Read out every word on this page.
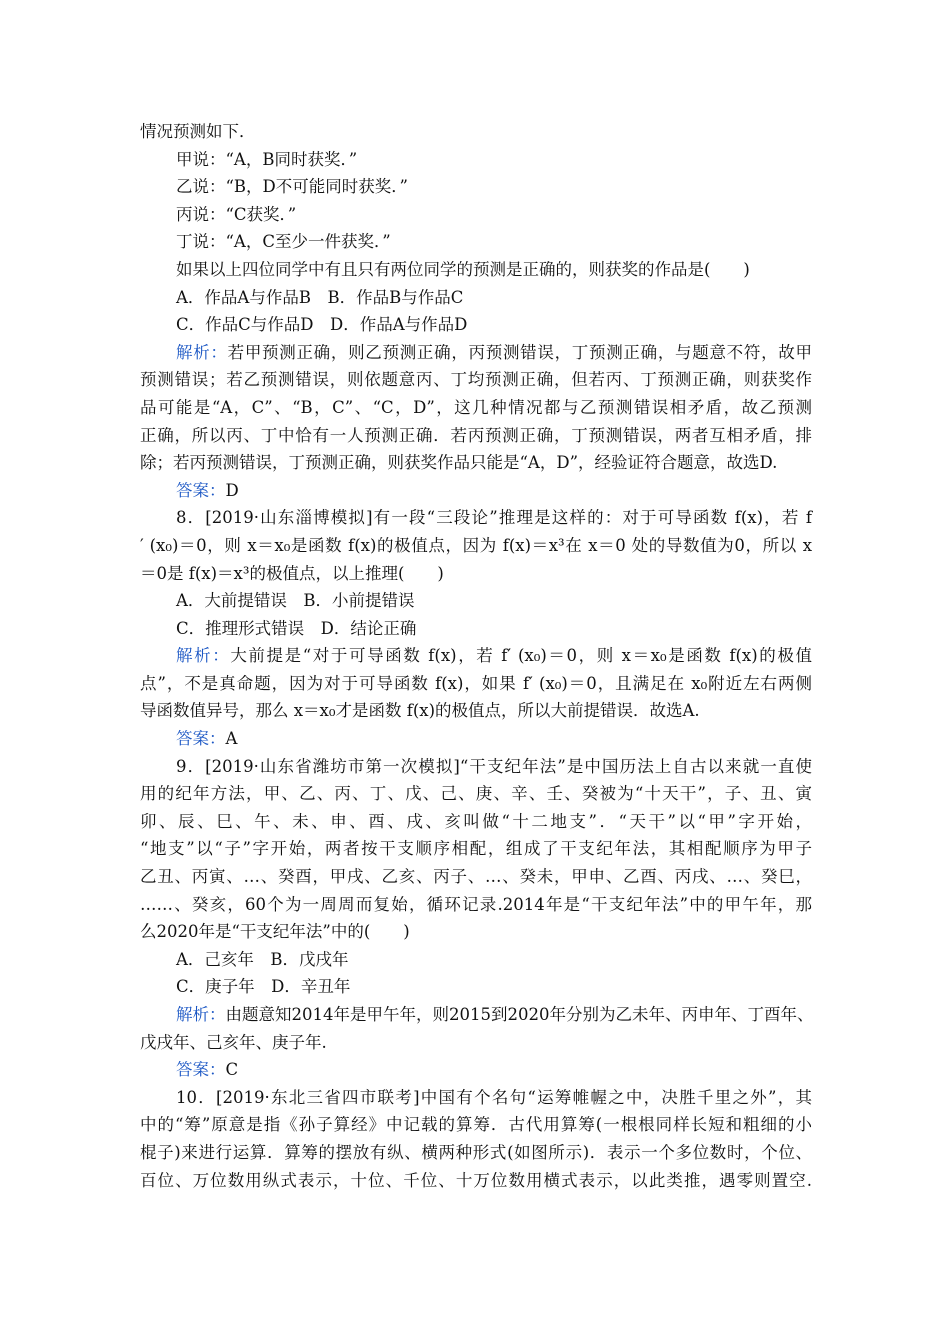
情况预测如下．
甲说：“A，B同时获奖．”
乙说：“B，D不可能同时获奖．”
丙说：“C获奖．”
丁说：“A，C至少一件获奖．”
如果以上四位同学中有且只有两位同学的预测是正确的，则获奖的作品是(　　)
A．作品A与作品B　B．作品B与作品C
C．作品C与作品D　D．作品A与作品D
解析：若甲预测正确，则乙预测正确，丙预测错误，丁预测正确，与题意不符，故甲
预测错误；若乙预测错误，则依题意丙、丁均预测正确，但若丙、丁预测正确，则获奖作
品可能是“A，C”、“B，C”、“C，D”，这几种情况都与乙预测错误相矛盾，故乙预测
正确，所以丙、丁中恰有一人预测正确．若丙预测正确，丁预测错误，两者互相矛盾，排
除；若丙预测错误，丁预测正确，则获奖作品只能是“A，D”，经验证符合题意，故选D.
答案：D
8．[2019·山东淄博模拟]有一段“三段论”推理是这样的：对于可导函数 f(x)，若 f
′ (x₀)＝0，则 x＝x₀是函数 f(x)的极值点，因为 f(x)＝x³在 x＝0 处的导数值为0，所以 x
＝0是 f(x)＝x³的极值点，以上推理(　　)
A．大前提错误　B．小前提错误
C．推理形式错误　D．结论正确
解析：大前提是“对于可导函数 f(x)，若 f′ (x₀)＝0，则 x＝x₀是函数 f(x)的极值
点”，不是真命题，因为对于可导函数 f(x)，如果 f′ (x₀)＝0，且满足在 x₀附近左右两侧
导函数值异号，那么 x＝x₀才是函数 f(x)的极值点，所以大前提错误．故选A.
答案：A
9．[2019·山东省潍坊市第一次模拟]“干支纪年法”是中国历法上自古以来就一直使
用的纪年方法，甲、乙、丙、丁、戊、己、庚、辛、壬、癸被为“十天干”，子、丑、寅
卯、辰、巳、午、未、申、酉、戌、亥叫做“十二地支”．“天干”以“甲”字开始，
“地支”以“子”字开始，两者按干支顺序相配，组成了干支纪年法，其相配顺序为甲子
乙丑、丙寅、…、癸酉，甲戌、乙亥、丙子、…、癸未，甲申、乙酉、丙戌、…、癸巳，
……、癸亥，60个为一周周而复始，循环记录.2014年是“干支纪年法”中的甲午年，那
么2020年是“干支纪年法”中的(　　)
A．己亥年　B．戊戌年
C．庚子年　D．辛丑年
解析：由题意知2014年是甲午年，则2015到2020年分别为乙未年、丙申年、丁酉年、
戊戌年、己亥年、庚子年.
答案：C
10．[2019·东北三省四市联考]中国有个名句“运筹帷幄之中，决胜千里之外”，其
中的“筹”原意是指《孙子算经》中记载的算筹．古代用算筹(一根根同样长短和粗细的小
棍子)来进行运算．算筹的摆放有纵、横两种形式(如图所示)．表示一个多位数时，个位、
百位、万位数用纵式表示，十位、千位、十万位数用横式表示，以此类推，遇零则置空.
